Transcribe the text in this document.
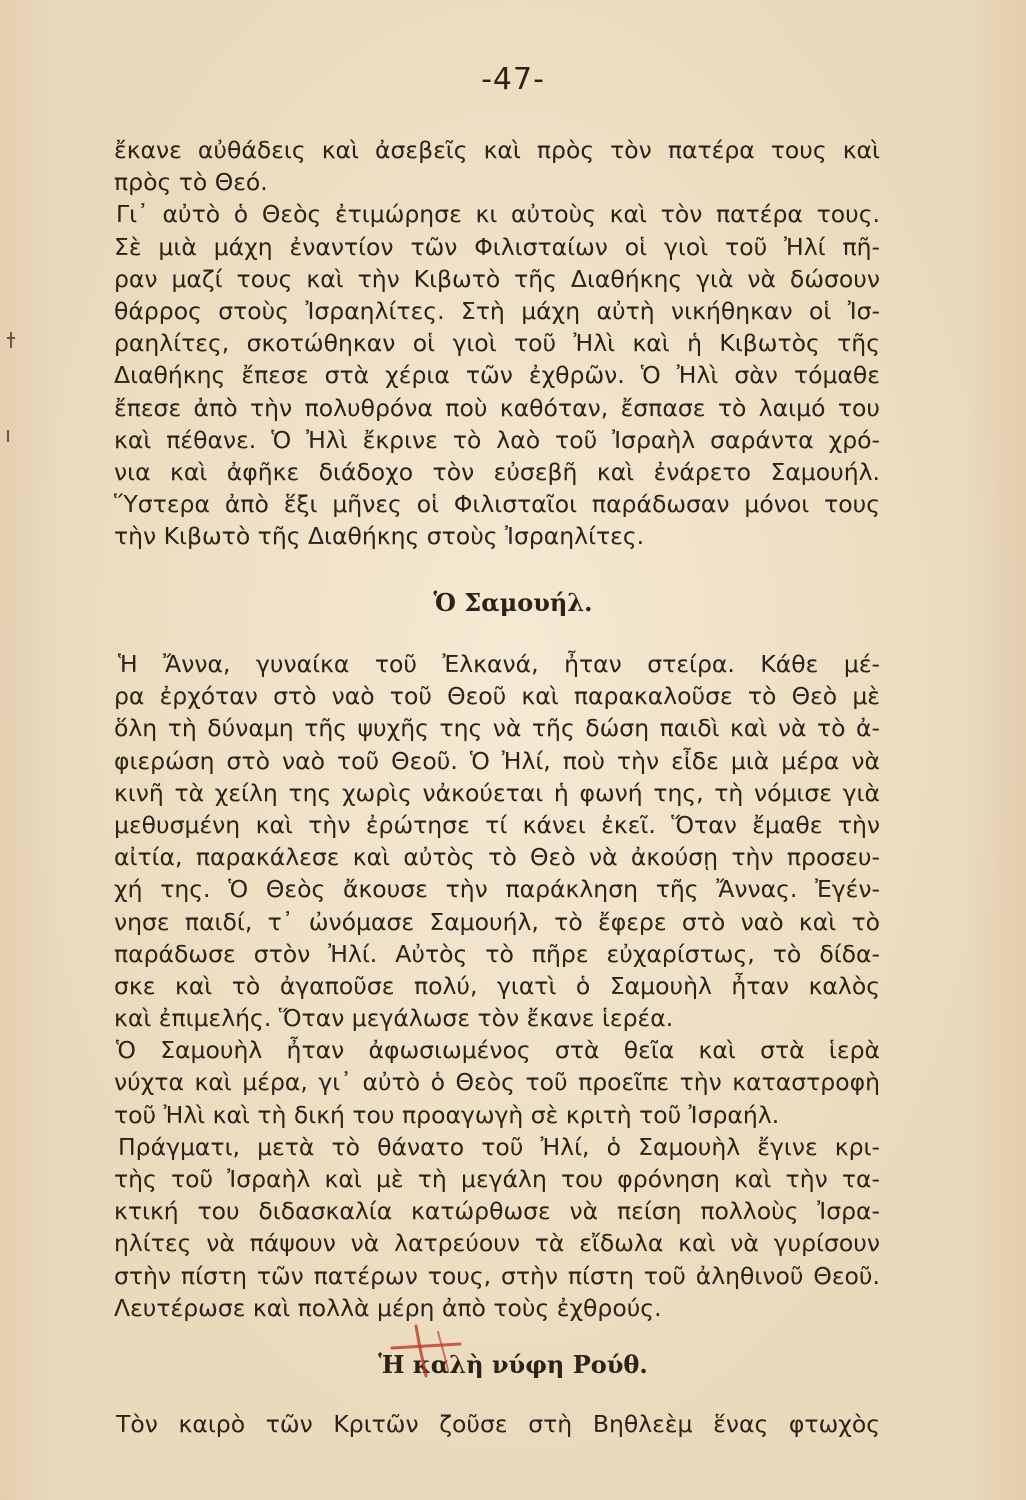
-47-
ἔκανε αὐθάδεις καὶ ἀσεβεῖς καὶ πρὸς τὸν πατέρα τους καὶ
πρὸς τὸ Θεό.
Γι᾿ αὐτὸ ὁ Θεὸς ἐτιμώρησε κι αὐτοὺς καὶ τὸν πατέρα τους.
Σὲ μιὰ μάχη ἐναντίον τῶν Φιλισταίων οἱ γιοὶ τοῦ Ἠλί πῆ-
ραν μαζί τους καὶ τὴν Κιβωτὸ τῆς Διαθήκης γιὰ νὰ δώσουν
θάρρος στοὺς Ἰσραηλίτες. Στὴ μάχη αὐτὴ νικήθηκαν οἱ Ἰσ-
ραηλίτες, σκοτώθηκαν οἱ γιοὶ τοῦ Ἠλὶ καὶ ἡ Κιβωτὸς τῆς
Διαθήκης ἔπεσε στὰ χέρια τῶν ἐχθρῶν. Ὁ Ἠλὶ σὰν τόμαθε
ἔπεσε ἀπὸ τὴν πολυθρόνα ποὺ καθόταν, ἔσπασε τὸ λαιμό του
καὶ πέθανε. Ὁ Ἠλὶ ἔκρινε τὸ λαὸ τοῦ Ἰσραὴλ σαράντα χρό-
νια καὶ ἀφῆκε διάδοχο τὸν εὐσεβῆ καὶ ἐνάρετο Σαμουήλ.
Ὕστερα ἀπὸ ἕξι μῆνες οἱ Φιλισταῖοι παράδωσαν μόνοι τους
τὴν Κιβωτὸ τῆς Διαθήκης στοὺς Ἰσραηλίτες.
Ὁ Σαμουήλ.
Ἡ Ἄννα, γυναίκα τοῦ Ἐλκανά, ἦταν στείρα. Κάθε μέ-
ρα ἐρχόταν στὸ ναὸ τοῦ Θεοῦ καὶ παρακαλοῦσε τὸ Θεὸ μὲ
ὅλη τὴ δύναμη τῆς ψυχῆς της νὰ τῆς δώση παιδὶ καὶ νὰ τὸ ἀ-
φιερώση στὸ ναὸ τοῦ Θεοῦ. Ὁ Ἠλί, ποὺ τὴν εἶδε μιὰ μέρα νὰ
κινῆ τὰ χείλη της χωρὶς νἀκούεται ἡ φωνή της, τὴ νόμισε γιὰ
μεθυσμένη καὶ τὴν ἐρώτησε τί κάνει ἐκεῖ. Ὅταν ἔμαθε τὴν
αἰτία, παρακάλεσε καὶ αὐτὸς τὸ Θεὸ νὰ ἀκούσῃ τὴν προσευ-
χή της. Ὁ Θεὸς ἄκουσε τὴν παράκληση τῆς Ἄννας. Ἐγέν-
νησε παιδί, τ᾿ ὠνόμασε Σαμουήλ, τὸ ἔφερε στὸ ναὸ καὶ τὸ
παράδωσε στὸν Ἠλί. Αὐτὸς τὸ πῆρε εὐχαρίστως, τὸ δίδα-
σκε καὶ τὸ ἀγαποῦσε πολύ, γιατὶ ὁ Σαμουὴλ ἦταν καλὸς
καὶ ἐπιμελής. Ὅταν μεγάλωσε τὸν ἔκανε ἱερέα.
Ὁ Σαμουὴλ ἦταν ἀφωσιωμένος στὰ θεῖα καὶ στὰ ἱερὰ
νύχτα καὶ μέρα, γι᾿ αὐτὸ ὁ Θεὸς τοῦ προεῖπε τὴν καταστροφὴ
τοῦ Ἠλὶ καὶ τὴ δική του προαγωγὴ σὲ κριτὴ τοῦ Ἰσραήλ.
Πράγματι, μετὰ τὸ θάνατο τοῦ Ἠλί, ὁ Σαμουὴλ ἔγινε κρι-
τὴς τοῦ Ἰσραὴλ καὶ μὲ τὴ μεγάλη του φρόνηση καὶ τὴν τα-
κτική του διδασκαλία κατώρθωσε νὰ πείση πολλοὺς Ἰσρα-
ηλίτες νὰ πάψουν νὰ λατρεύουν τὰ εἴδωλα καὶ νὰ γυρίσουν
στὴν πίστη τῶν πατέρων τους, στὴν πίστη τοῦ ἀληθινοῦ Θεοῦ.
Λευτέρωσε καὶ πολλὰ μέρη ἀπὸ τοὺς ἐχθρούς.
Ἡ καλὴ νύφη Ρούθ.
Τὸν καιρὸ τῶν Κριτῶν ζοῦσε στὴ Βηθλεὲμ ἕνας φτωχὸς
